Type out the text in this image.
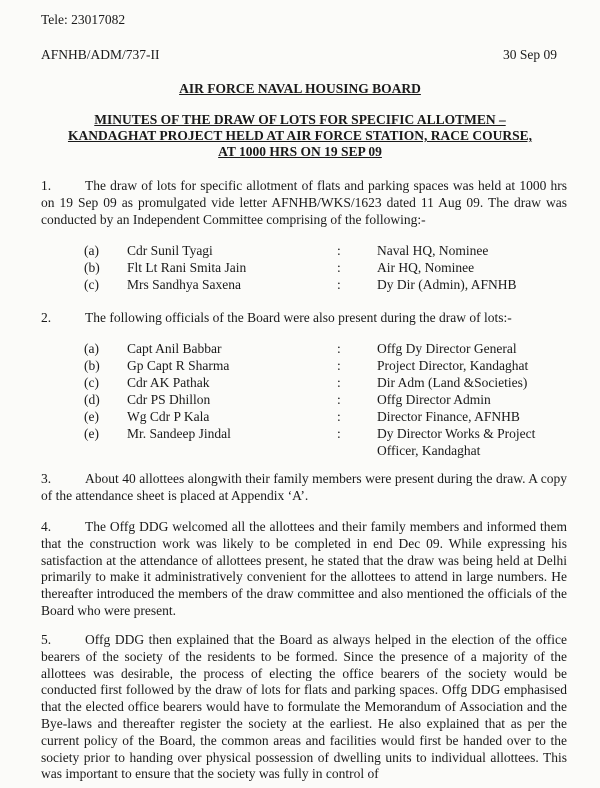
Tele: 23017082
AFNHB/ADM/737-II	30 Sep 09
AIR FORCE NAVAL HOUSING BOARD
MINUTES OF THE DRAW OF LOTS FOR SPECIFIC ALLOTMEN –
KANDAGHAT PROJECT HELD AT AIR FORCE STATION, RACE COURSE,
AT 1000 HRS ON 19 SEP 09
1.	The draw of lots for specific allotment of flats and parking spaces was held at 1000 hrs on 19 Sep 09 as promulgated vide letter AFNHB/WKS/1623 dated 11 Aug 09. The draw was conducted by an Independent Committee comprising of the following:-
(a) Cdr Sunil Tyagi	:	Naval HQ, Nominee
(b) Flt Lt Rani Smita Jain	:	Air HQ, Nominee
(c) Mrs Sandhya Saxena	:	Dy Dir (Admin), AFNHB
2.	The following officials of the Board were also present during the draw of lots:-
(a) Capt Anil Babbar	:	Offg Dy Director General
(b) Gp Capt R Sharma	:	Project Director, Kandaghat
(c) Cdr AK Pathak	:	Dir Adm (Land &Societies)
(d) Cdr PS Dhillon	:	Offg Director Admin
(e) Wg Cdr P Kala	:	Director Finance, AFNHB
(e) Mr. Sandeep Jindal	:	Dy Director Works & Project
Officer, Kandaghat
3.	About 40 allottees alongwith their family members were present during the draw. A copy of the attendance sheet is placed at Appendix ‘A’.
4.	The Offg DDG welcomed all the allottees and their family members and informed them that the construction work was likely to be completed in end Dec 09. While expressing his satisfaction at the attendance of allottees present, he stated that the draw was being held at Delhi primarily to make it administratively convenient for the allottees to attend in large numbers. He thereafter introduced the members of the draw committee and also mentioned the officials of the Board who were present.
5.	Offg DDG then explained that the Board as always helped in the election of the office bearers of the society of the residents to be formed. Since the presence of a majority of the allottees was desirable, the process of electing the office bearers of the society would be conducted first followed by the draw of lots for flats and parking spaces. Offg DDG emphasised that the elected office bearers would have to formulate the Memorandum of Association and the Bye-laws and thereafter register the society at the earliest. He also explained that as per the current policy of the Board, the common areas and facilities would first be handed over to the society prior to handing over physical possession of dwelling units to individual allottees. This was important to ensure that the society was fully in control of
